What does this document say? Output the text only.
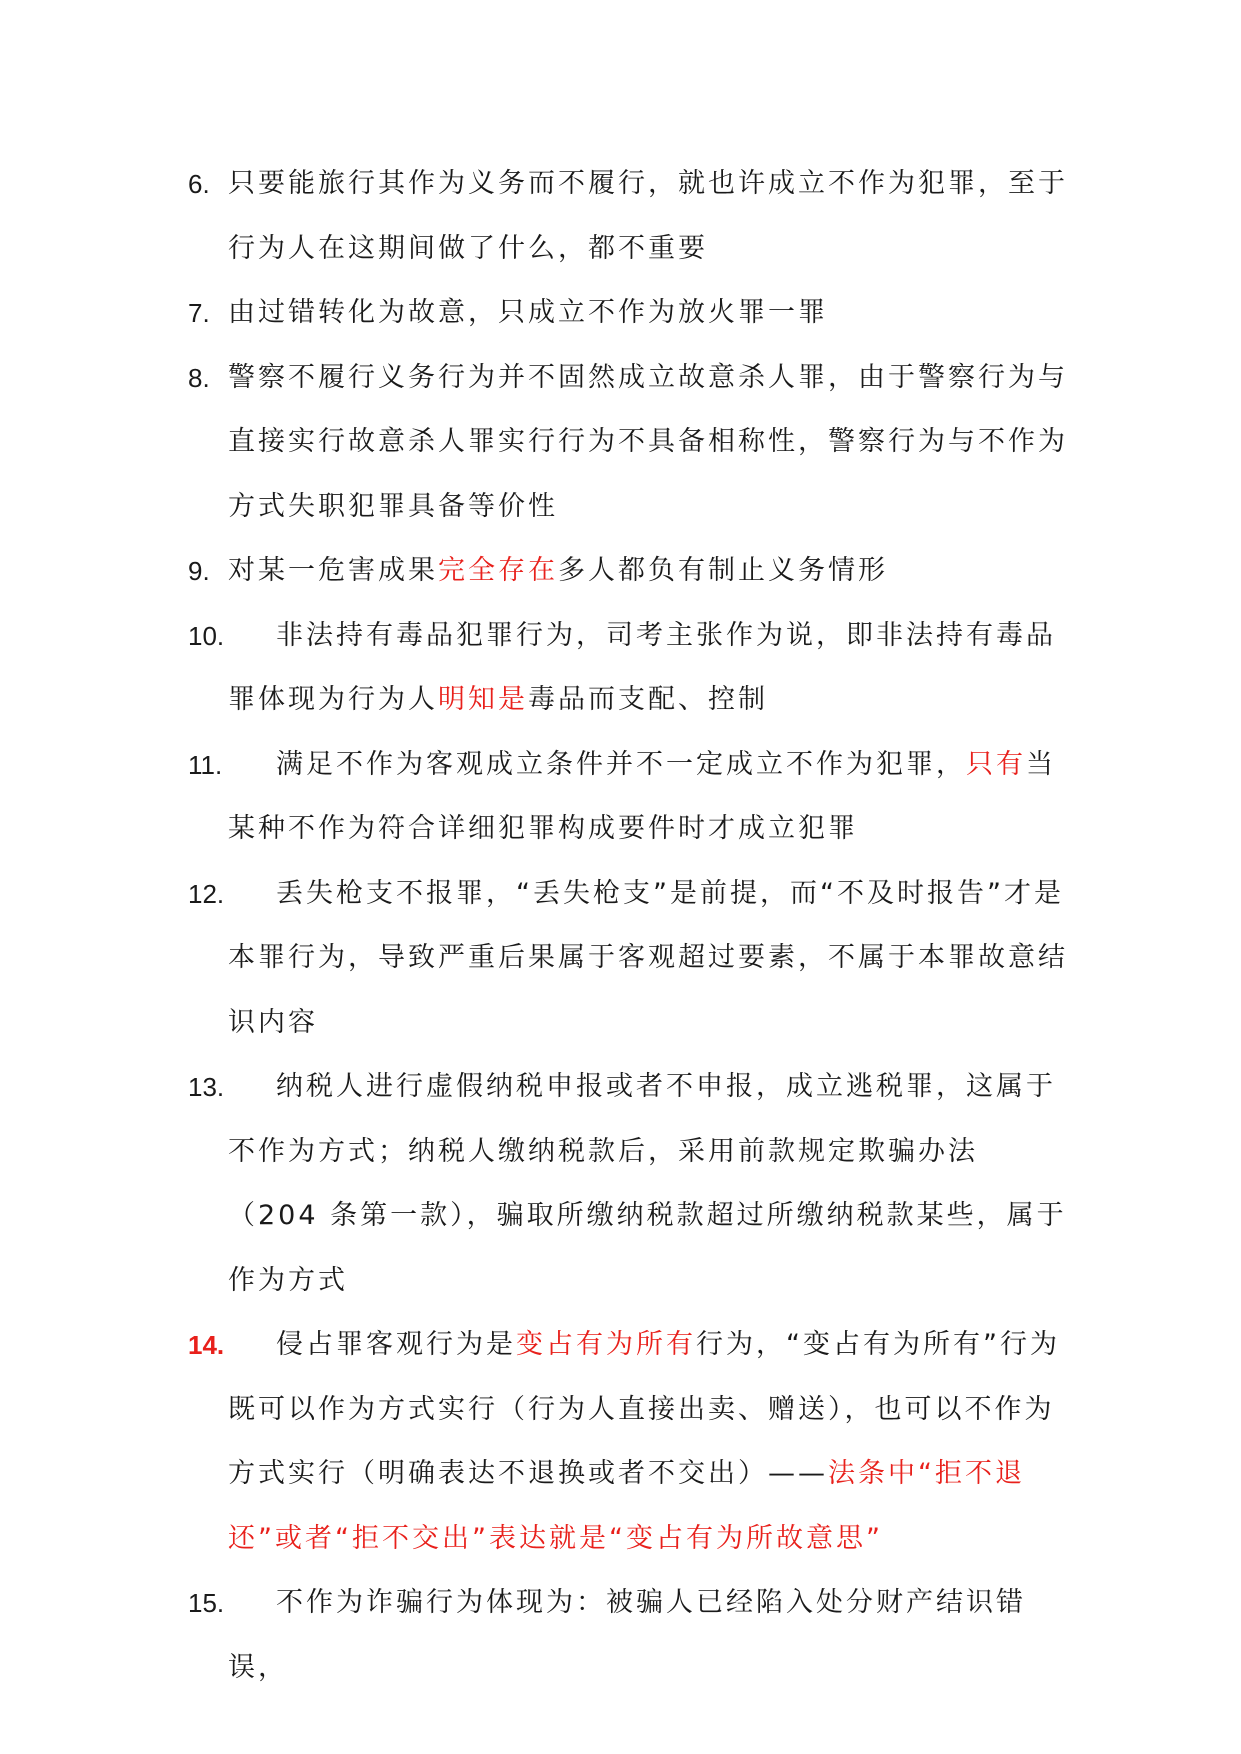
6. 只要能旅行其作为义务而不履行，就也许成立不作为犯罪，至于行为人在这期间做了什么，都不重要
7. 由过错转化为故意，只成立不作为放火罪一罪
8. 警察不履行义务行为并不固然成立故意杀人罪，由于警察行为与直接实行故意杀人罪实行行为不具备相称性，警察行为与不作为方式失职犯罪具备等价性
9. 对某一危害成果完全存在多人都负有制止义务情形
10. 非法持有毒品犯罪行为，司考主张作为说，即非法持有毒品罪体现为行为人明知是毒品而支配、控制
11. 满足不作为客观成立条件并不一定成立不作为犯罪，只有当某种不作为符合详细犯罪构成要件时才成立犯罪
12. 丢失枪支不报罪，“丢失枪支”是前提，而“不及时报告”才是本罪行为，导致严重后果属于客观超过要素，不属于本罪故意结识内容
13. 纳税人进行虚假纳税申报或者不申报，成立逃税罪，这属于不作为方式；纳税人缴纳税款后，采用前款规定欺骗办法（204 条第一款），骗取所缴纳税款超过所缴纳税款某些，属于作为方式
14. 侵占罪客观行为是变占有为所有行为，“变占有为所有”行为既可以作为方式实行（行为人直接出卖、赠送），也可以不作为方式实行（明确表达不退换或者不交出）——法条中“拒不退还”或者“拒不交出”表达就是“变占有为所故意思”
15. 不作为诈骗行为体现为：被骗人已经陷入处分财产结识错误，
